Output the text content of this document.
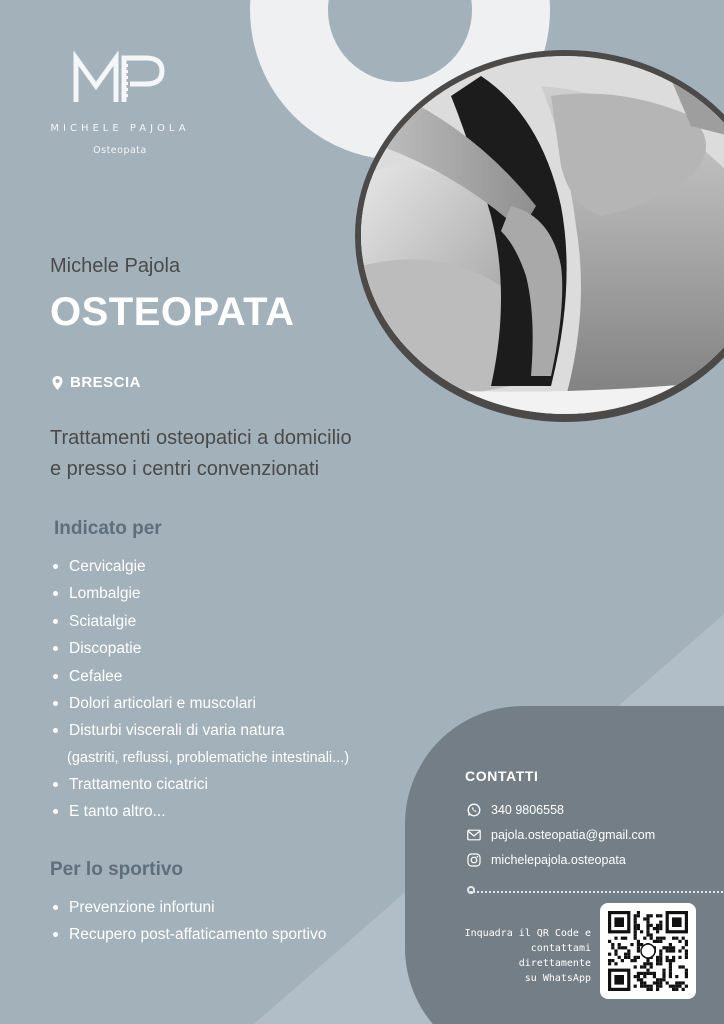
MICHELE PAJOLA
Osteopata
Michele Pajola
OSTEOPATA
BRESCIA
Trattamenti osteopatici a domicilio
e presso i centri convenzionati
Indicato per
Cervicalgie
Lombalgie
Sciatalgie
Discopatie
Cefalee
Dolori articolari e muscolari
Disturbi viscerali di varia natura
(gastriti, reflussi, problematiche intestinali...)
Trattamento cicatrici
E tanto altro...
Per lo sportivo
Prevenzione infortuni
Recupero post-affaticamento sportivo
CONTATTI
340 9806558
pajola.osteopatia@gmail.com
michelepajola.osteopata
Inquadra il QR Code e
contattami direttamente
su WhatsApp
